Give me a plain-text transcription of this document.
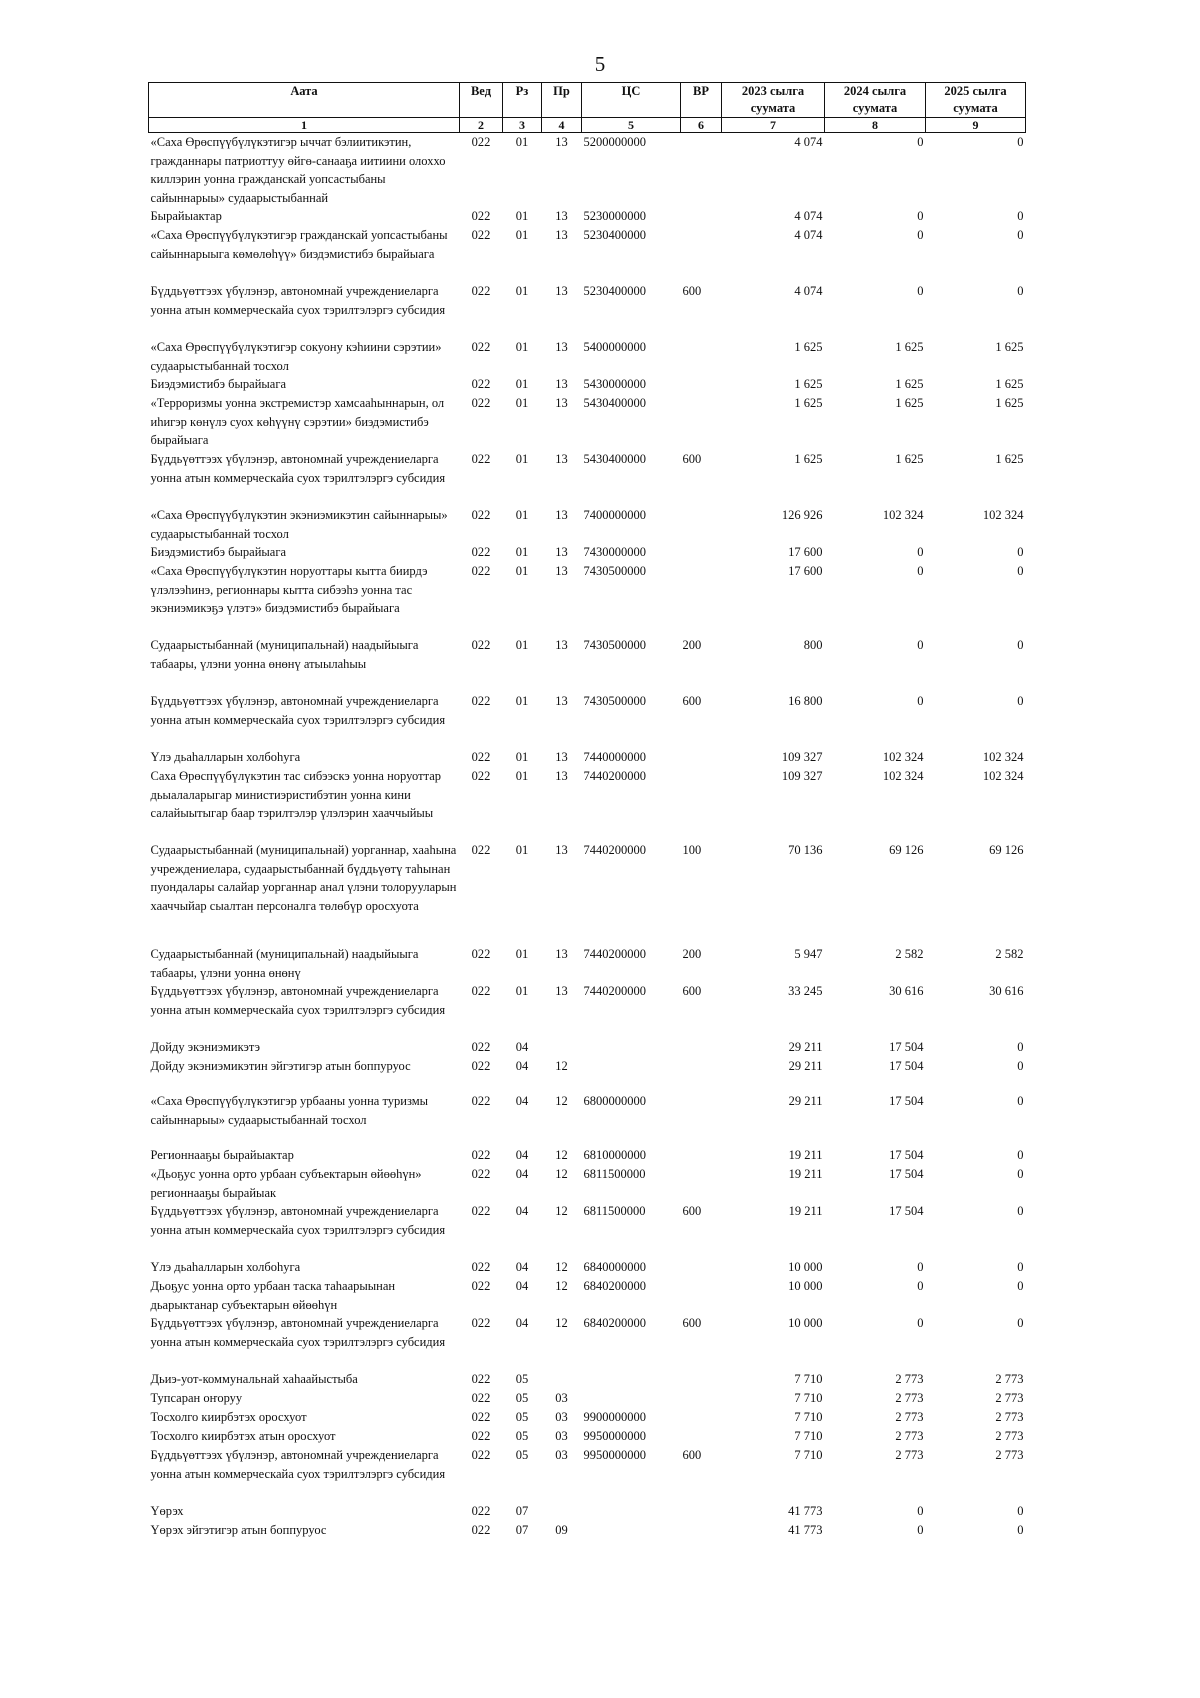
5
Аата	Вед	Рз	Пр	ЦС	ВР	2023 сылга суумата	2024 сылга суумата	2025 сылга суумата
1	2	3	4	5	6	7	8	9
«Саха Өрөспүүбүлүкэтигэр ыччат бэлиитикэтин, гражданнары патриоттуу өйгө-санааҕа иитиини олоххо киллэрин уонна гражданскай уопсастыбаны сайыннарыы» судаарыстыбаннай	022	01	13	5200000000		4 074	0	0
Бырайыактар	022	01	13	5230000000		4 074	0	0
«Саха Өрөспүүбүлүкэтигэр гражданскай уопсастыбаны сайыннарыыга көмөлөһүү» биэдэмистибэ бырайыага	022	01	13	5230400000		4 074	0	0
Бүддьүөттээх үбүлэнэр, автономнай учреждениеларга уонна атын коммерческайа суох тэрилтэлэргэ субсидия	022	01	13	5230400000	600	4 074	0	0
«Саха Өрөспүүбүлүкэтигэр сокуону кэһиини сэрэтии» судаарыстыбаннай тосхол	022	01	13	5400000000		1 625	1 625	1 625
Биэдэмистибэ бырайыага	022	01	13	5430000000		1 625	1 625	1 625
«Терроризмы уонна экстремистэр хамсааһыннарын, ол иһигэр көнүлэ суох көһүүнү сэрэтии» биэдэмистибэ бырайыага	022	01	13	5430400000		1 625	1 625	1 625
Бүддьүөттээх үбүлэнэр, автономнай учреждениеларга уонна атын коммерческайа суох тэрилтэлэргэ субсидия	022	01	13	5430400000	600	1 625	1 625	1 625
«Саха Өрөспүүбүлүкэтин экэниэмикэтин сайыннарыы» судаарыстыбаннай тосхол	022	01	13	7400000000		126 926	102 324	102 324
Биэдэмистибэ бырайыага	022	01	13	7430000000		17 600	0	0
«Саха Өрөспүүбүлүкэтин норуоттары кытта биирдэ үлэлээһинэ, регионнары кытта сибээһэ уонна тас экэниэмикэҕэ үлэтэ» биэдэмистибэ бырайыага	022	01	13	7430500000		17 600	0	0
Судаарыстыбаннай (муниципальнай) наадыйыыга табаары, үлэни уонна өнөнү атыылаһыы	022	01	13	7430500000	200	800	0	0
Бүддьүөттээх үбүлэнэр, автономнай учреждениеларга уонна атын коммерческайа суох тэрилтэлэргэ субсидия	022	01	13	7430500000	600	16 800	0	0
Үлэ дьаһалларын холбоһуга	022	01	13	7440000000		109 327	102 324	102 324
Саха Өрөспүүбүлүкэтин тас сибээскэ уонна норуоттар дьыалаларыгар министиэристибэтин уонна кини салайыытыгар баар тэрилтэлэр үлэлэрин хааччыйыы	022	01	13	7440200000		109 327	102 324	102 324
Судаарыстыбаннай (муниципальнай) уорганнар, хааһына учреждениелара, судаарыстыбаннай бүддьүөтү таһынан пуондалары салайар уорганнар анал үлэни толорууларын хааччыйар сыалтан персоналга төлөбүр оросхуота	022	01	13	7440200000	100	70 136	69 126	69 126
Судаарыстыбаннай (муниципальнай) наадыйыыга табаары, үлэни уонна өнөнү	022	01	13	7440200000	200	5 947	2 582	2 582
Бүддьүөттээх үбүлэнэр, автономнай учреждениеларга уонна атын коммерческайа суох тэрилтэлэргэ субсидия	022	01	13	7440200000	600	33 245	30 616	30 616
Дойду экэниэмикэтэ	022	04				29 211	17 504	0
Дойду экэниэмикэтин эйгэтигэр атын боппуруос	022	04	12			29 211	17 504	0
«Саха Өрөспүүбүлүкэтигэр урбааны уонна туризмы сайыннарыы» судаарыстыбаннай тосхол	022	04	12	6800000000		29 211	17 504	0
Регионнааҕы бырайыактар	022	04	12	6810000000		19 211	17 504	0
«Дьоҕус уонна орто урбаан субъектарын өйөөһүн» регионнааҕы бырайыак	022	04	12	6811500000		19 211	17 504	0
Бүддьүөттээх үбүлэнэр, автономнай учреждениеларга уонна атын коммерческайа суох тэрилтэлэргэ субсидия	022	04	12	6811500000	600	19 211	17 504	0
Үлэ дьаһалларын холбоһуга	022	04	12	6840000000		10 000	0	0
Дьоҕус уонна орто урбаан таска таһаарыынан дьарыктанар субъектарын өйөөһүн	022	04	12	6840200000		10 000	0	0
Бүддьүөттээх үбүлэнэр, автономнай учреждениеларга уонна атын коммерческайа суох тэрилтэлэргэ субсидия	022	04	12	6840200000	600	10 000	0	0
Дьиэ-уот-коммунальнай хаһаайыстыба	022	05				7 710	2 773	2 773
Тупсаран оҥоруу	022	05	03			7 710	2 773	2 773
Тосхолго киирбэтэх оросхуот	022	05	03	9900000000		7 710	2 773	2 773
Тосхолго киирбэтэх атын оросхуот	022	05	03	9950000000		7 710	2 773	2 773
Бүддьүөттээх үбүлэнэр, автономнай учреждениеларга уонна атын коммерческайа суох тэрилтэлэргэ субсидия	022	05	03	9950000000	600	7 710	2 773	2 773
Үөрэх	022	07				41 773	0	0
Үөрэх эйгэтигэр атын боппуруос	022	07	09			41 773	0	0
